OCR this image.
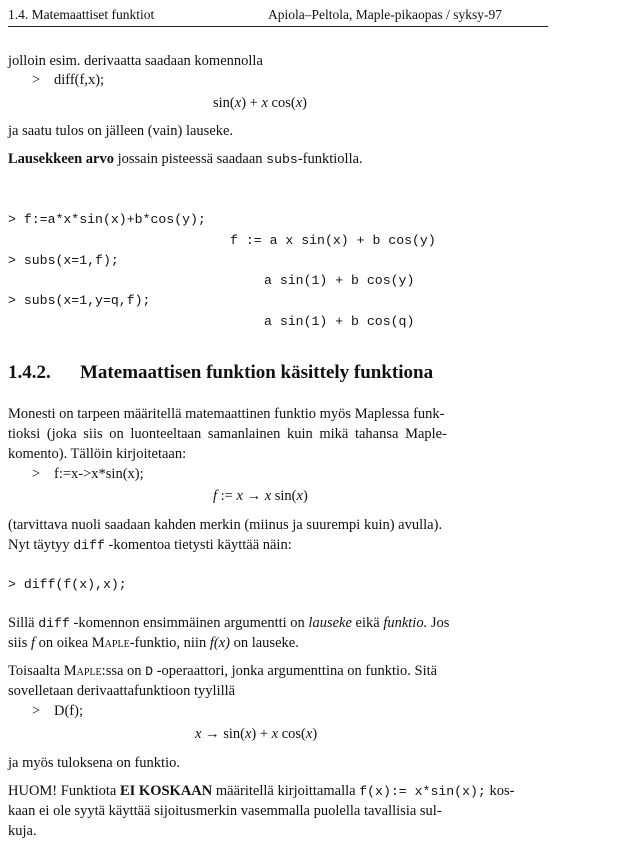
1.4. Matemaattiset funktiot	Apiola–Peltola, Maple-pikaopas / syksy-97
jolloin esim. derivaatta saadaan komennolla
> diff(f,x);
sin(x) + x cos(x)
ja saatu tulos on jälleen (vain) lauseke.
Lausekkeen arvo jossain pisteessä saadaan subs-funktiolla.
> f:=a*x*sin(x)+b*cos(y);
f := a x sin(x) + b cos(y)
> subs(x=1,f);
a sin(1) + b cos(y)
> subs(x=1,y=q,f);
a sin(1) + b cos(q)
1.4.2. Matemaattisen funktion käsittely funktiona
Monesti on tarpeen määritellä matemaattinen funktio myös Maplessa funk-
tioksi (joka siis on luonteeltaan samanlainen kuin mikä tahansa Maple-
komento). Tällöin kirjoitetaan:
> f:=x->x*sin(x);
f := x → x sin(x)
(tarvittava nuoli saadaan kahden merkin (miinus ja suurempi kuin) avulla).
Nyt täytyy diff -komentoa tietysti käyttää näin:
> diff(f(x),x);
Sillä diff -komennon ensimmäinen argumentti on lauseke eikä funktio. Jos
siis f on oikea Maple-funktio, niin f(x) on lauseke.
Toisaalta Maple:ssa on D -operaattori, jonka argumenttina on funktio. Sitä
sovelletaan derivaattafunktioon tyylillä
> D(f);
x → sin(x) + x cos(x)
ja myös tuloksena on funktio.
HUOM! Funktiota EI KOSKAAN määritellä kirjoittamalla f(x):= x*sin(x); kos-
kaan ei ole syytä käyttää sijoitusmerkin vasemmalla puolella tavallisia sul-
kuja.
